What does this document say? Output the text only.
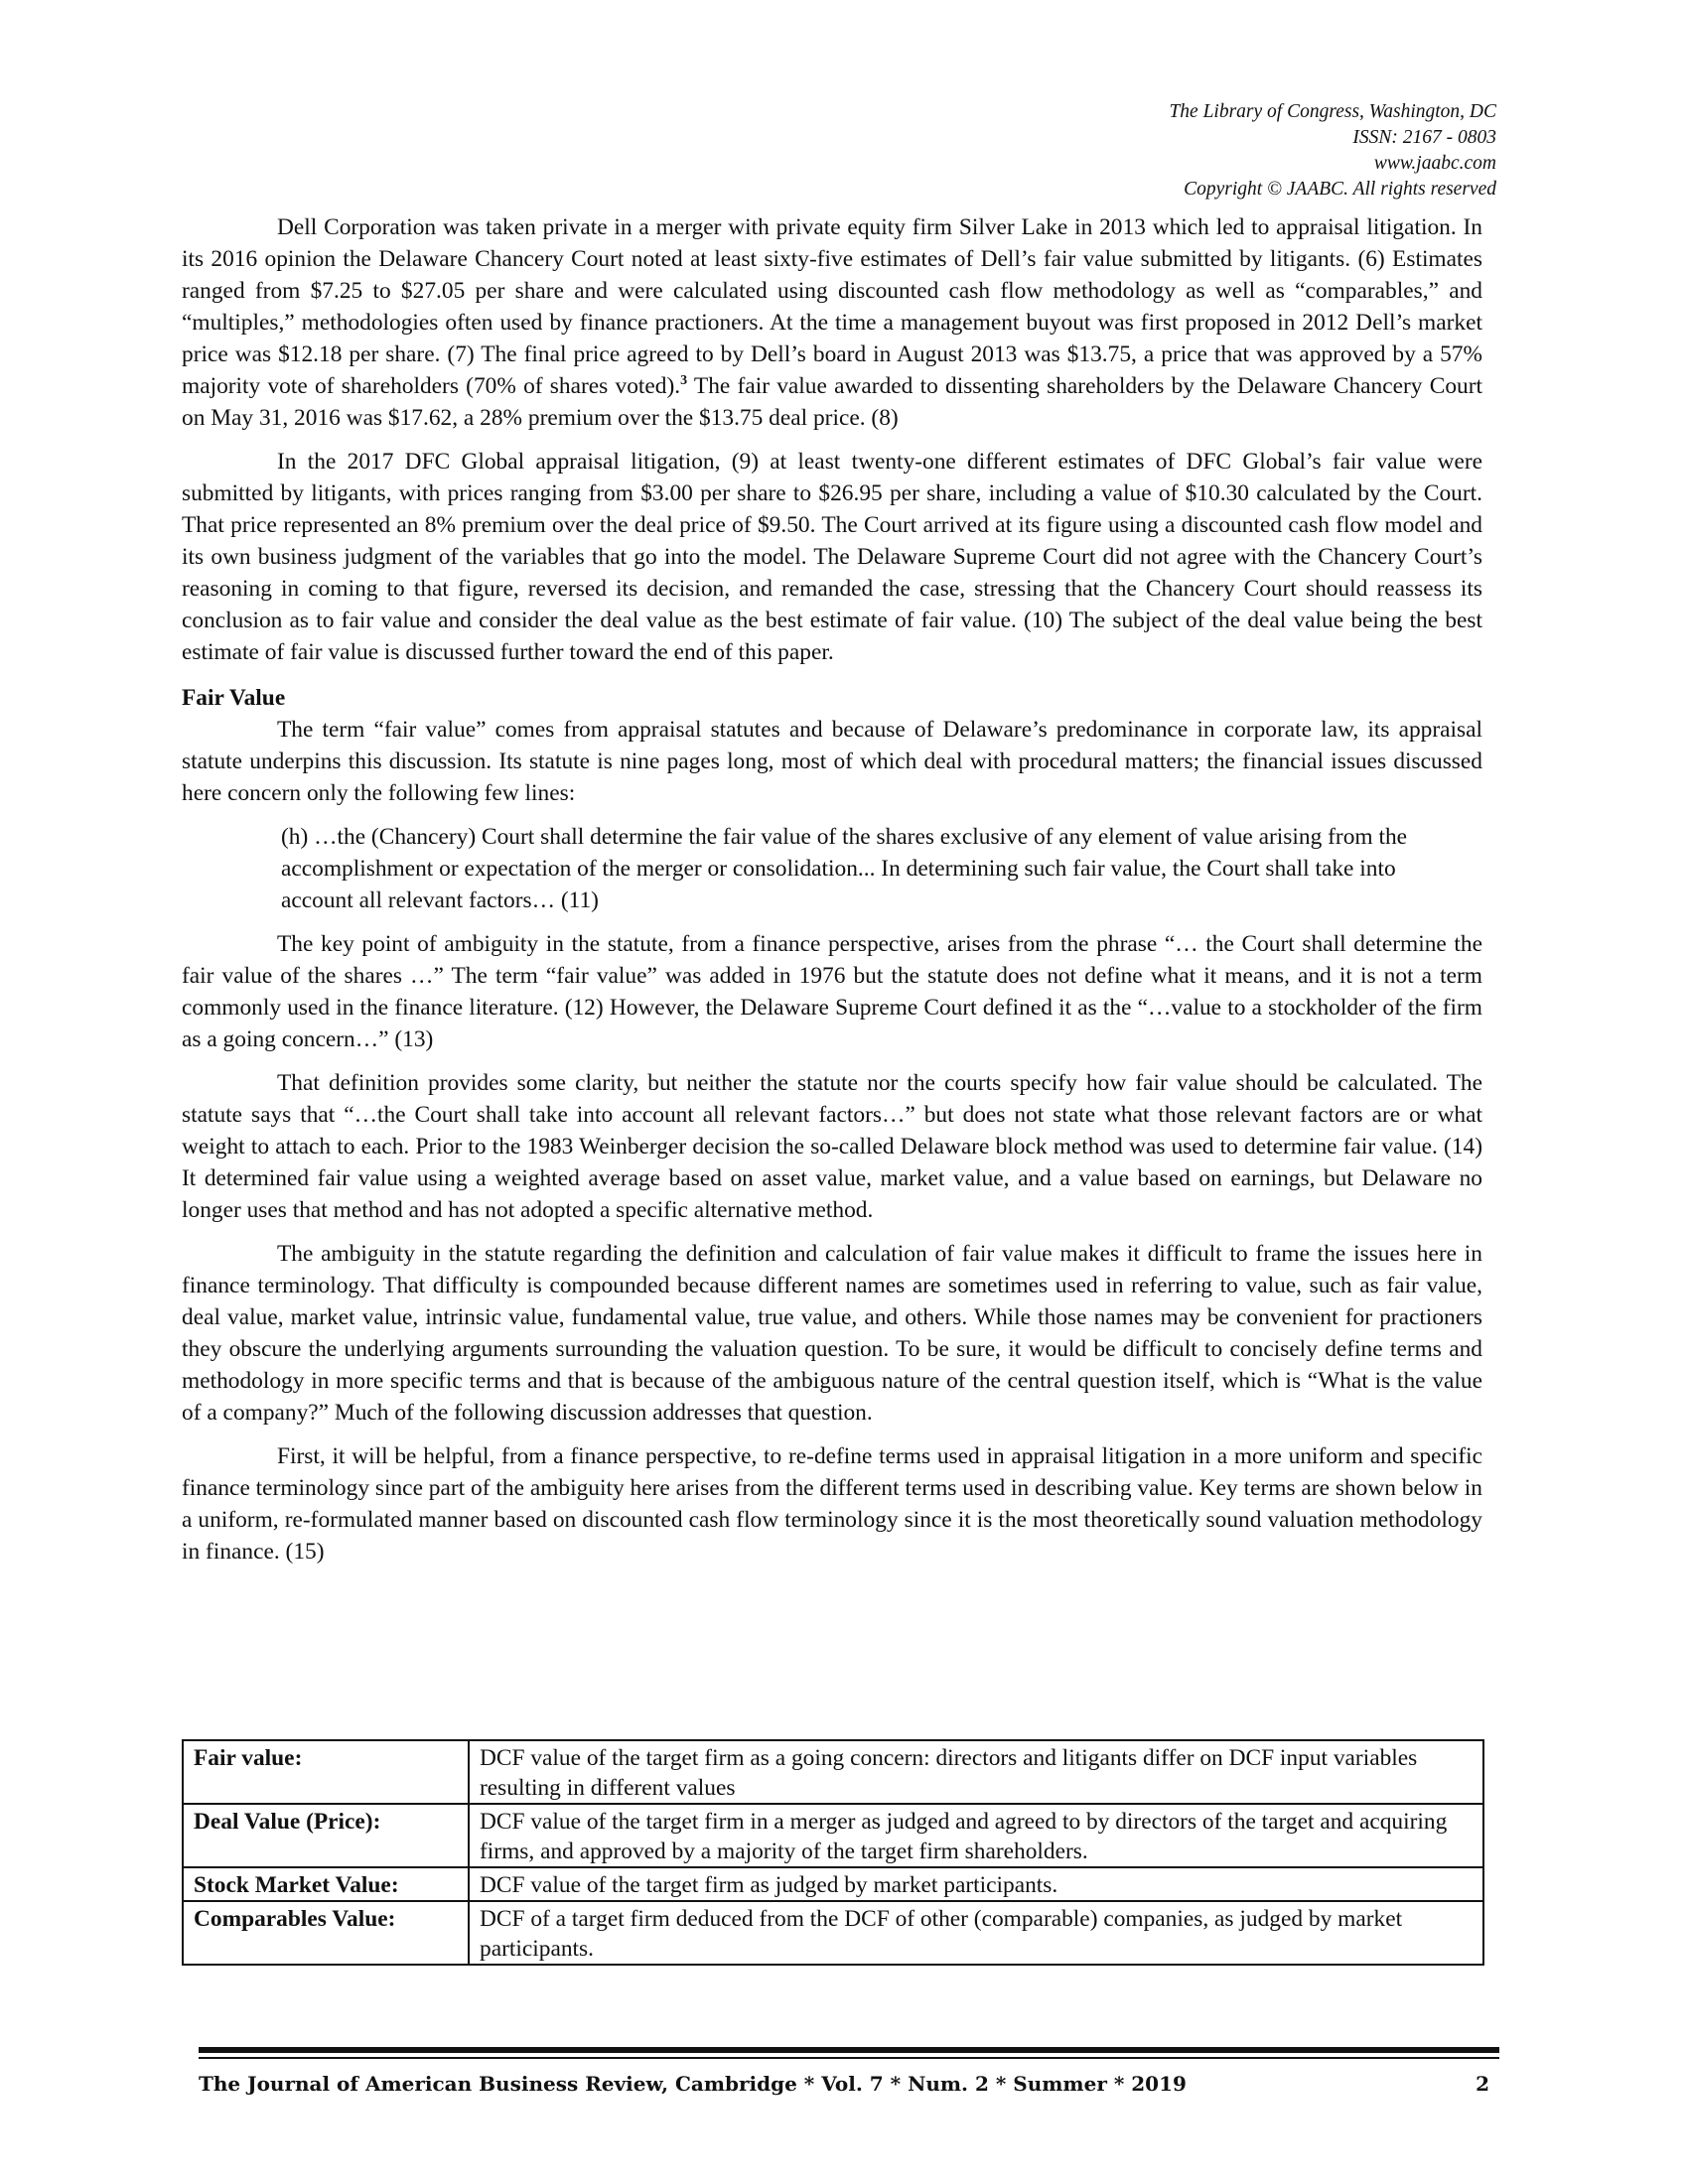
The Library of Congress, Washington, DC
ISSN: 2167 - 0803
www.jaabc.com
Copyright © JAABC. All rights reserved

Dell Corporation was taken private in a merger with private equity firm Silver Lake in 2013 which led to appraisal litigation. In its 2016 opinion the Delaware Chancery Court noted at least sixty-five estimates of Dell’s fair value submitted by litigants. (6) Estimates ranged from $7.25 to $27.05 per share and were calculated using discounted cash flow methodology as well as “comparables,” and “multiples,” methodologies often used by finance practioners. At the time a management buyout was first proposed in 2012 Dell’s market price was $12.18 per share. (7) The final price agreed to by Dell’s board in August 2013 was $13.75, a price that was approved by a 57% majority vote of shareholders (70% of shares voted).$^3$ The fair value awarded to dissenting shareholders by the Delaware Chancery Court on May 31, 2016 was $17.62, a 28% premium over the $13.75 deal price. (8)

In the 2017 DFC Global appraisal litigation, (9) at least twenty-one different estimates of DFC Global’s fair value were submitted by litigants, with prices ranging from $3.00 per share to $26.95 per share, including a value of $10.30 calculated by the Court. That price represented an 8% premium over the deal price of $9.50. The Court arrived at its figure using a discounted cash flow model and its own business judgment of the variables that go into the model. The Delaware Supreme Court did not agree with the Chancery Court’s reasoning in coming to that figure, reversed its decision, and remanded the case, stressing that the Chancery Court should reassess its conclusion as to fair value and consider the deal value as the best estimate of fair value. (10) The subject of the deal value being the best estimate of fair value is discussed further toward the end of this paper.

Fair Value

The term “fair value” comes from appraisal statutes and because of Delaware’s predominance in corporate law, its appraisal statute underpins this discussion. Its statute is nine pages long, most of which deal with procedural matters; the financial issues discussed here concern only the following few lines:

(h) …the (Chancery) Court shall determine the fair value of the shares exclusive of any element of value arising from the accomplishment or expectation of the merger or consolidation... In determining such fair value, the Court shall take into account all relevant factors… (11)

The key point of ambiguity in the statute, from a finance perspective, arises from the phrase “… the Court shall determine the fair value of the shares …” The term “fair value” was added in 1976 but the statute does not define what it means, and it is not a term commonly used in the finance literature. (12) However, the Delaware Supreme Court defined it as the “…value to a stockholder of the firm as a going concern…” (13)

That definition provides some clarity, but neither the statute nor the courts specify how fair value should be calculated. The statute says that “…the Court shall take into account all relevant factors…” but does not state what those relevant factors are or what weight to attach to each. Prior to the 1983 Weinberger decision the so-called Delaware block method was used to determine fair value. (14) It determined fair value using a weighted average based on asset value, market value, and a value based on earnings, but Delaware no longer uses that method and has not adopted a specific alternative method.

The ambiguity in the statute regarding the definition and calculation of fair value makes it difficult to frame the issues here in finance terminology. That difficulty is compounded because different names are sometimes used in referring to value, such as fair value, deal value, market value, intrinsic value, fundamental value, true value, and others. While those names may be convenient for practioners they obscure the underlying arguments surrounding the valuation question. To be sure, it would be difficult to concisely define terms and methodology in more specific terms and that is because of the ambiguous nature of the central question itself, which is “What is the value of a company?” Much of the following discussion addresses that question.

First, it will be helpful, from a finance perspective, to re-define terms used in appraisal litigation in a more uniform and specific finance terminology since part of the ambiguity here arises from the different terms used in describing value. Key terms are shown below in a uniform, re-formulated manner based on discounted cash flow terminology since it is the most theoretically sound valuation methodology in finance. (15)

Fair value:	DCF value of the target firm as a going concern: directors and litigants differ on DCF input variables resulting in different values
Deal Value (Price):	DCF value of the target firm in a merger as judged and agreed to by directors of the target and acquiring firms, and approved by a majority of the target firm shareholders.
Stock Market Value:	DCF value of the target firm as judged by market participants.
Comparables Value:	DCF of a target firm deduced from the DCF of other (comparable) companies, as judged by market participants.
The Journal of American Business Review, Cambridge * Vol. 7 * Num. 2 * Summer * 2019	2
